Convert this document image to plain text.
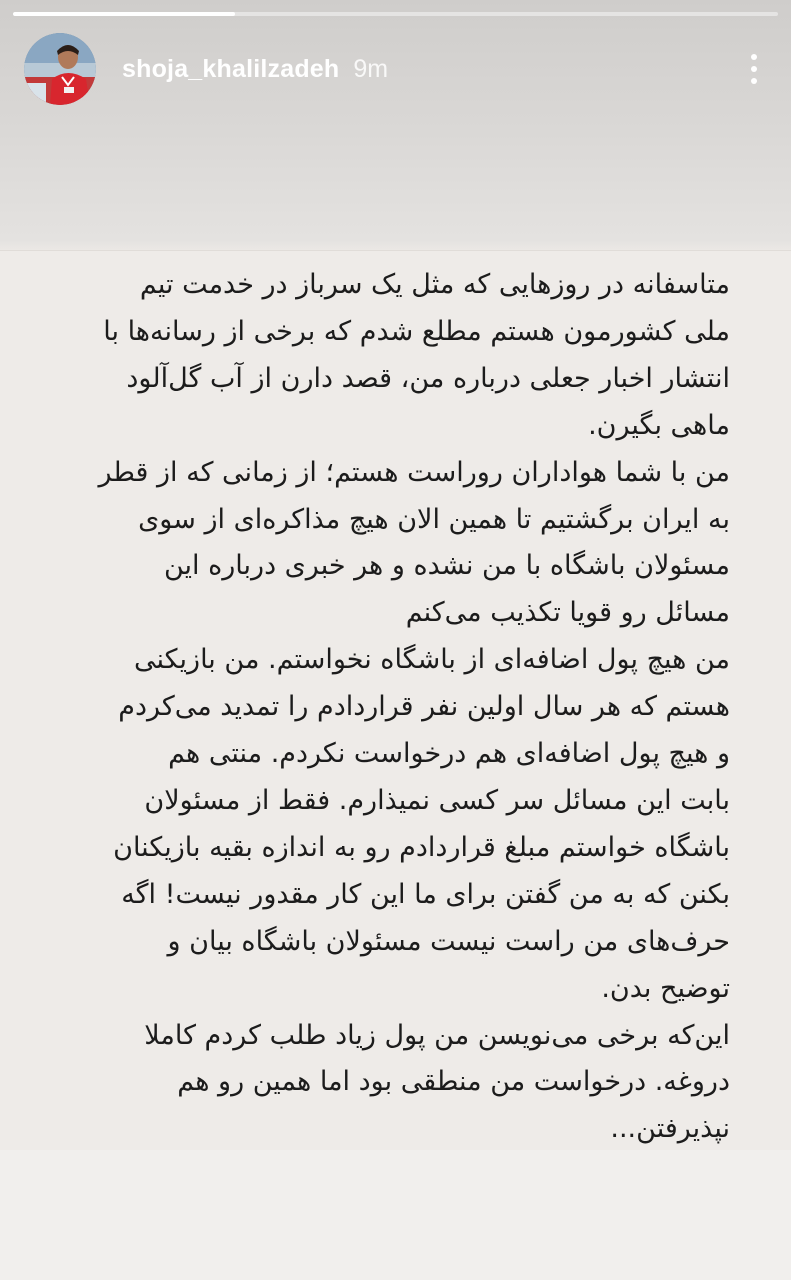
shoja_khalilzadeh 9m
متاسفانه در روزهایی که مثل یک سرباز در خدمت تیم
ملی کشورمون هستم مطلع شدم که برخی از رسانه‌ها با
انتشار اخبار جعلی درباره من، قصد دارن از آب گل‌آلود
ماهی بگیرن.
من با شما هواداران روراست هستم؛ از زمانی که از قطر
به ایران برگشتیم تا همین الان هیچ مذاکره‌ای از سوی
مسئولان باشگاه با من نشده و هر خبری درباره این
مسائل رو قویا تکذیب می‌کنم
من هیچ پول اضافه‌ای از باشگاه نخواستم. من بازیکنی
هستم که هر سال اولین نفر قراردادم را تمدید می‌کردم
و هیچ پول اضافه‌ای هم درخواست نکردم. منتی هم
بابت این مسائل سر کسی نمیذارم. فقط از مسئولان
باشگاه خواستم مبلغ قراردادم رو به اندازه بقیه بازیکنان
بکنن که به من گفتن برای ما این کار مقدور نیست! اگه
حرف‌های من راست نیست مسئولان باشگاه بیان و
توضیح بدن.
این‌که برخی می‌نویسن من پول زیاد طلب کردم کاملا
دروغه. درخواست من منطقی بود اما همین رو هم
نپذیرفتن...
